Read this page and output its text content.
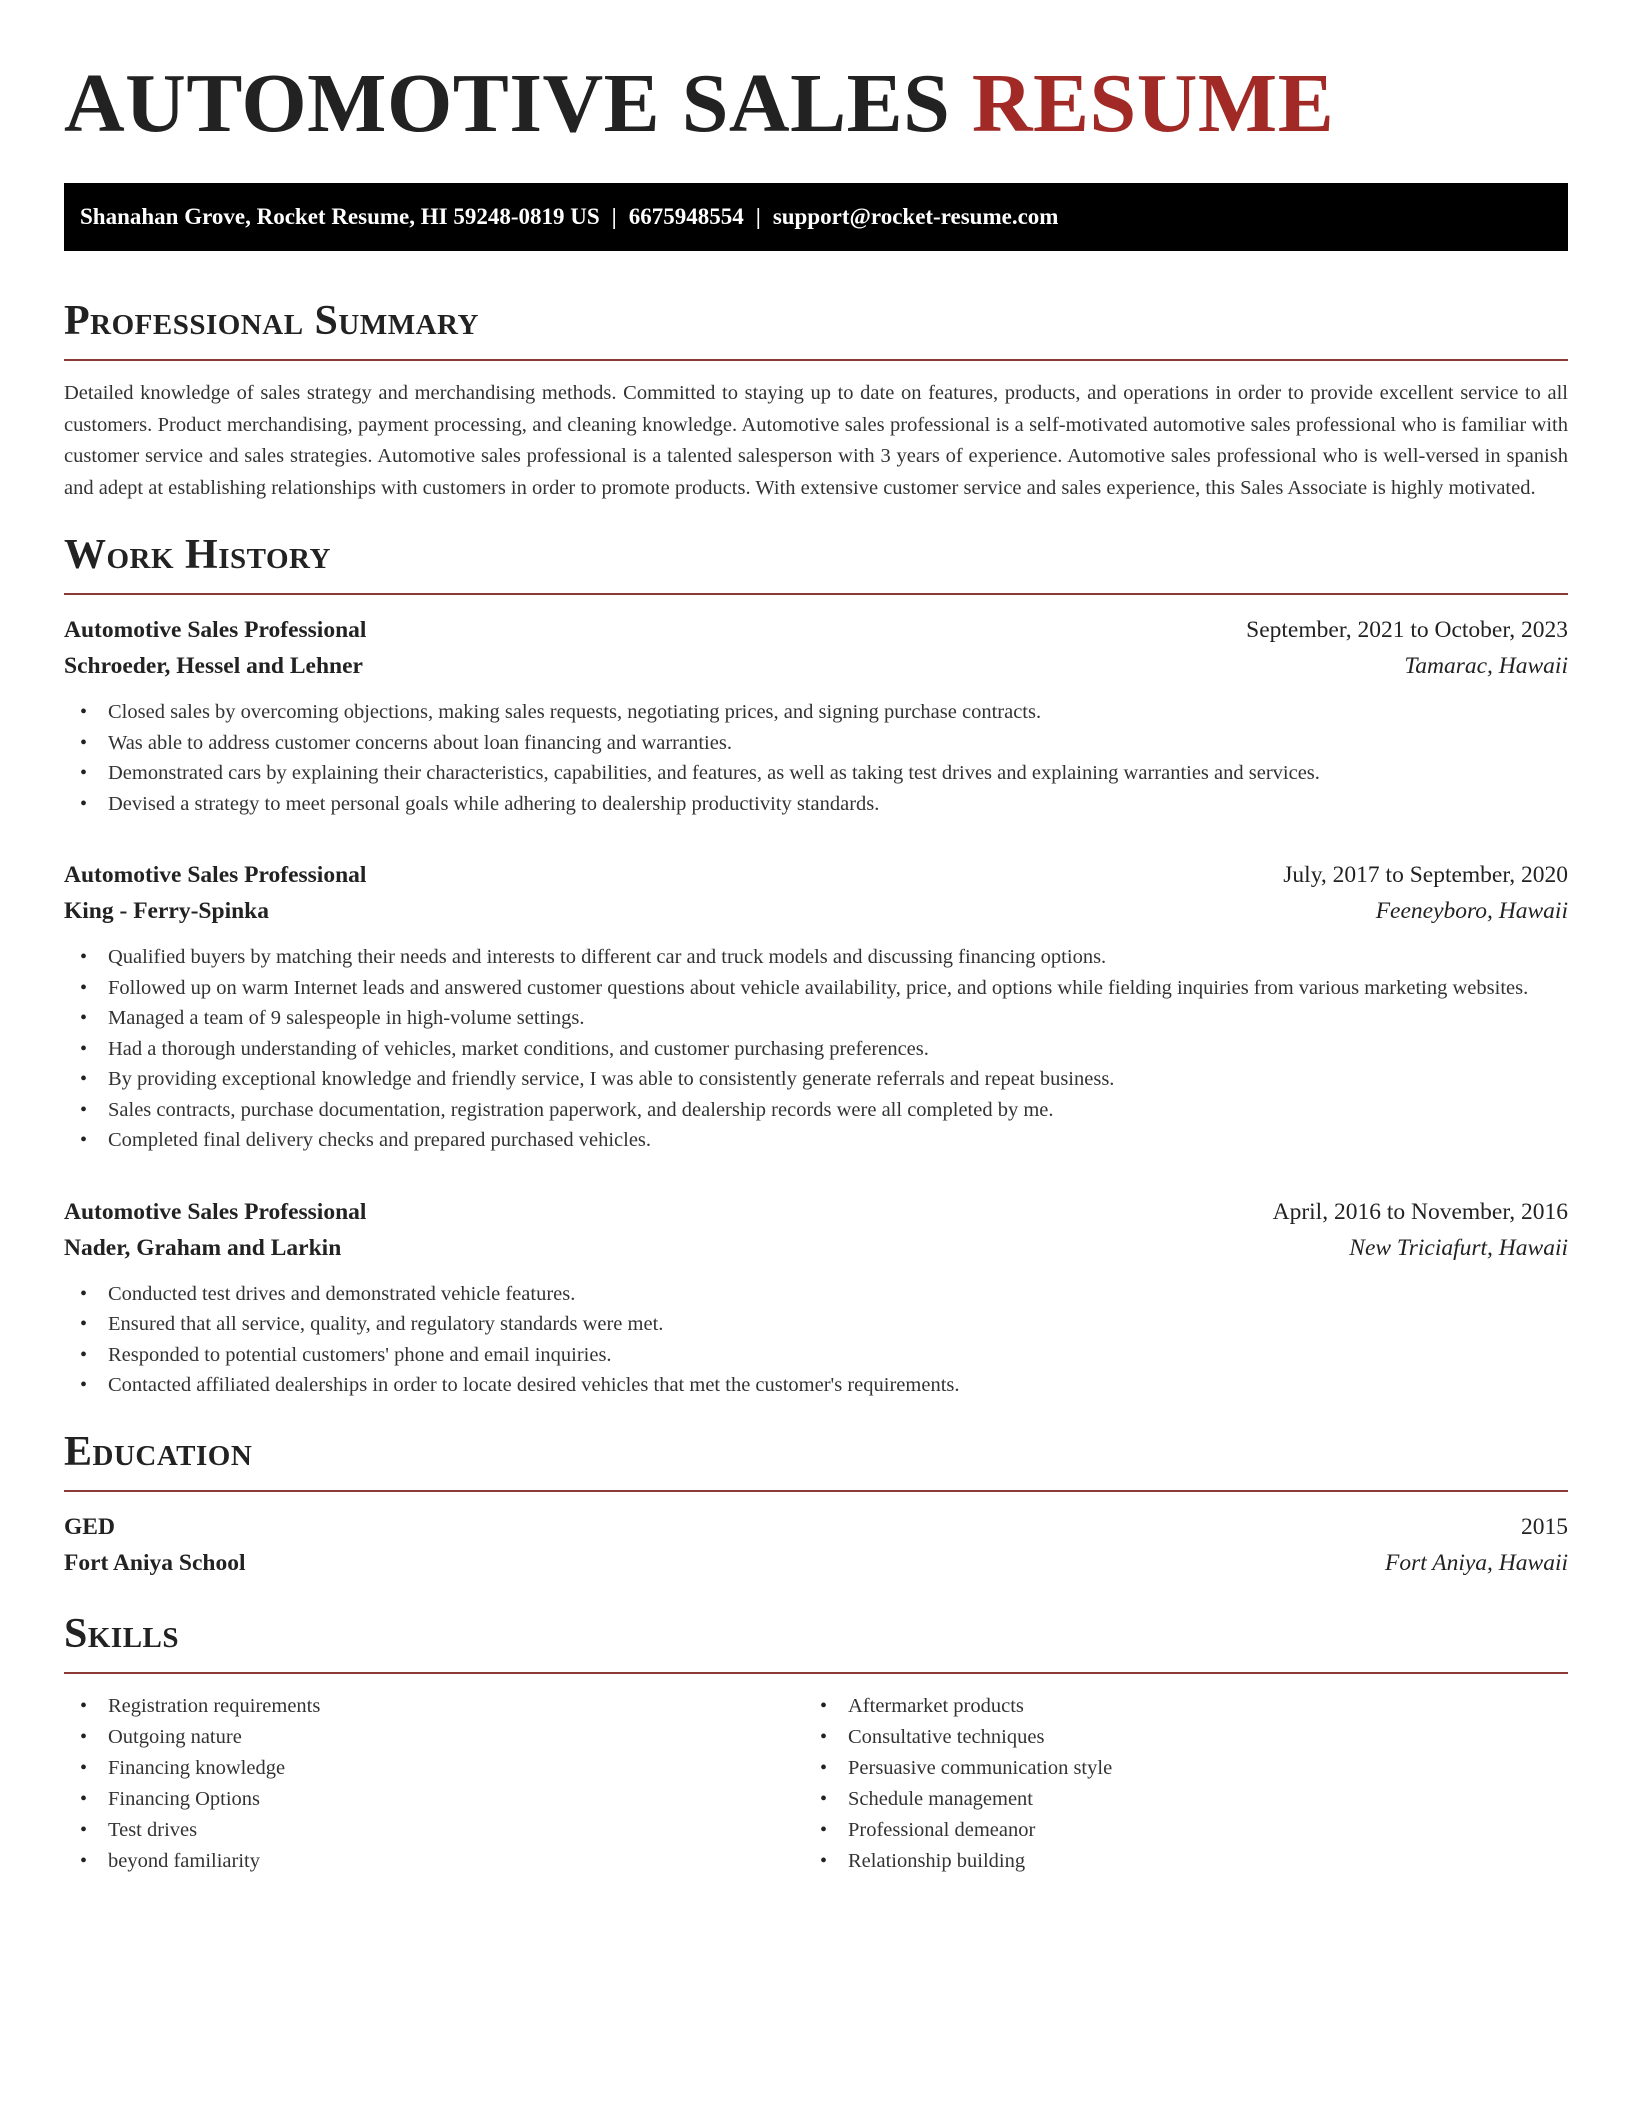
AUTOMOTIVE SALES RESUME
Shanahan Grove, Rocket Resume, HI 59248-0819 US | 6675948554 | support@rocket-resume.com
Professional Summary

Detailed knowledge of sales strategy and merchandising methods. Committed to staying up to date on features, products, and operations in order to provide excellent service to all customers. Product merchandising, payment processing, and cleaning knowledge. Automotive sales professional is a self-motivated automotive sales professional who is familiar with customer service and sales strategies. Automotive sales professional is a talented salesperson with 3 years of experience. Automotive sales professional who is well-versed in spanish and adept at establishing relationships with customers in order to promote products. With extensive customer service and sales experience, this Sales Associate is highly motivated.

Work History
Automotive Sales Professional	September, 2021 to October, 2023
Schroeder, Hessel and Lehner	Tamarac, Hawaii
• Closed sales by overcoming objections, making sales requests, negotiating prices, and signing purchase contracts.
• Was able to address customer concerns about loan financing and warranties.
• Demonstrated cars by explaining their characteristics, capabilities, and features, as well as taking test drives and explaining warranties and services.
• Devised a strategy to meet personal goals while adhering to dealership productivity standards.
Automotive Sales Professional	July, 2017 to September, 2020
King - Ferry-Spinka	Feeneyboro, Hawaii
• Qualified buyers by matching their needs and interests to different car and truck models and discussing financing options.
• Followed up on warm Internet leads and answered customer questions about vehicle availability, price, and options while fielding inquiries from various marketing websites.
• Managed a team of 9 salespeople in high-volume settings.
• Had a thorough understanding of vehicles, market conditions, and customer purchasing preferences.
• By providing exceptional knowledge and friendly service, I was able to consistently generate referrals and repeat business.
• Sales contracts, purchase documentation, registration paperwork, and dealership records were all completed by me.
• Completed final delivery checks and prepared purchased vehicles.
Automotive Sales Professional	April, 2016 to November, 2016
Nader, Graham and Larkin	New Triciafurt, Hawaii
• Conducted test drives and demonstrated vehicle features.
• Ensured that all service, quality, and regulatory standards were met.
• Responded to potential customers' phone and email inquiries.
• Contacted affiliated dealerships in order to locate desired vehicles that met the customer's requirements.
Education
GED	2015
Fort Aniya School	Fort Aniya, Hawaii
Skills
• Registration requirements
• Outgoing nature
• Financing knowledge
• Financing Options
• Test drives
• beyond familiarity
• Aftermarket products
• Consultative techniques
• Persuasive communication style
• Schedule management
• Professional demeanor
• Relationship building
